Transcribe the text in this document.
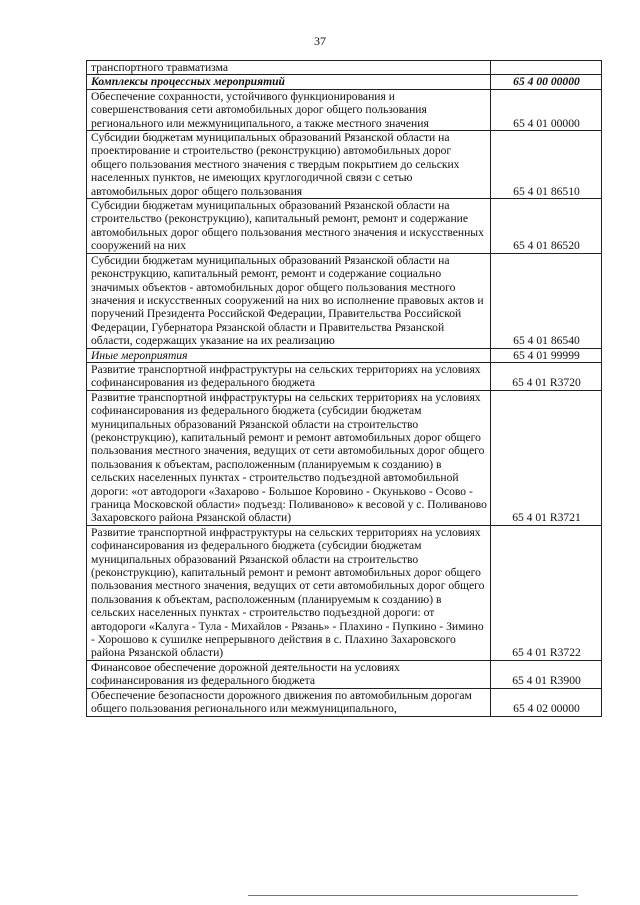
37
транспортного травматизма	
Комплексы процессных мероприятий	65 4 00 00000
Обеспечение сохранности, устойчивого функционирования и совершенствования сети автомобильных дорог общего пользования регионального или межмуниципального, а также местного значения	65 4 01 00000
Субсидии бюджетам муниципальных образований Рязанской области на проектирование и строительство (реконструкцию) автомобильных дорог общего пользования местного значения с твердым покрытием до сельских населенных пунктов, не имеющих круглогодичной связи с сетью автомобильных дорог общего пользования	65 4 01 86510
Субсидии бюджетам муниципальных образований Рязанской области на строительство (реконструкцию), капитальный ремонт, ремонт и содержание автомобильных дорог общего пользования местного значения и искусственных сооружений на них	65 4 01 86520
Субсидии бюджетам муниципальных образований Рязанской области на реконструкцию, капитальный ремонт, ремонт и содержание социально значимых объектов - автомобильных дорог общего пользования местного значения и искусственных сооружений на них во исполнение правовых актов и поручений Президента Российской Федерации, Правительства Российской Федерации, Губернатора Рязанской области и Правительства Рязанской области, содержащих указание на их реализацию	65 4 01 86540
Иные мероприятия	65 4 01 99999
Развитие транспортной инфраструктуры на сельских территориях на условиях софинансирования из федерального бюджета	65 4 01 R3720
Развитие транспортной инфраструктуры на сельских территориях на условиях софинансирования из федерального бюджета (субсидии бюджетам муниципальных образований Рязанской области на строительство (реконструкцию), капитальный ремонт и ремонт автомобильных дорог общего пользования местного значения, ведущих от сети автомобильных дорог общего пользования к объектам, расположенным (планируемым к созданию) в сельских населенных пунктах - строительство подъездной автомобильной дороги: «от автодороги «Захарово - Большое Коровино - Окуньково - Осово - граница Московской области» подъезд: Поливаново» к весовой у с. Поливаново Захаровского района Рязанской области)	65 4 01 R3721
Развитие транспортной инфраструктуры на сельских территориях на условиях софинансирования из федерального бюджета (субсидии бюджетам муниципальных образований Рязанской области на строительство (реконструкцию), капитальный ремонт и ремонт автомобильных дорог общего пользования местного значения, ведущих от сети автомобильных дорог общего пользования к объектам, расположенным (планируемым к созданию) в сельских населенных пунктах - строительство подъездной дороги: от автодороги «Калуга - Тула - Михайлов - Рязань» - Плахино - Пупкино - Зимино - Хорошово к сушилке непрерывного действия в с. Плахино Захаровского района Рязанской области)	65 4 01 R3722
Финансовое обеспечение дорожной деятельности на условиях софинансирования из федерального бюджета	65 4 01 R3900
Обеспечение безопасности дорожного движения по автомобильным дорогам общего пользования регионального или межмуниципального,	65 4 02 00000
